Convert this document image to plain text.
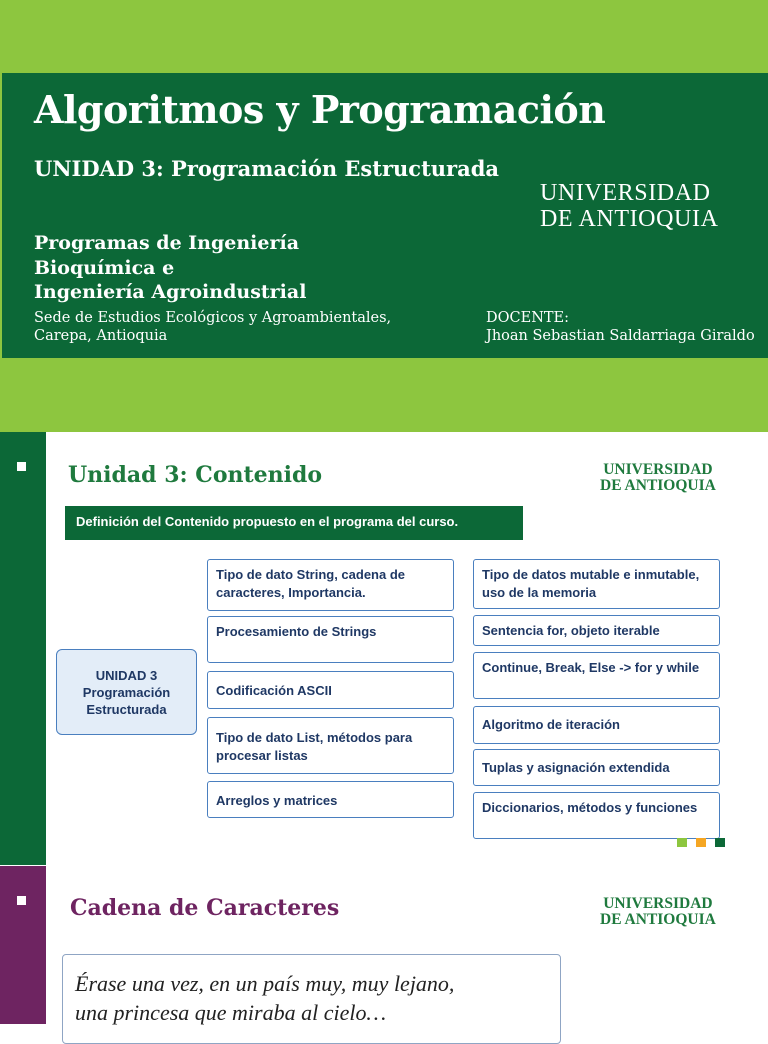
Algoritmos y Programación
UNIDAD 3: Programación Estructurada
UNIVERSIDAD
DE ANTIOQUIA
Programas de Ingeniería
Bioquímica e
Ingeniería Agroindustrial
Sede de Estudios Ecológicos y Agroambientales,
Carepa, Antioquia
DOCENTE:
Jhoan Sebastian Saldarriaga Giraldo
Unidad 3: Contenido	UNIVERSIDAD
DE ANTIOQUIA
Definición del Contenido propuesto en el programa del curso.
UNIDAD 3
Programación
Estructurada
Tipo de dato String, cadena de caracteres, Importancia.
Procesamiento de Strings
Codificación ASCII
Tipo de dato List, métodos para procesar listas
Arreglos y matrices
Tipo de datos mutable e inmutable, uso de la memoria
Sentencia for, objeto iterable
Continue, Break, Else -> for y while
Algoritmo de iteración
Tuplas y asignación extendida
Diccionarios, métodos y funciones
Cadena de Caracteres	UNIVERSIDAD
DE ANTIOQUIA
Érase una vez, en un país muy, muy lejano,
una princesa que miraba al cielo…
